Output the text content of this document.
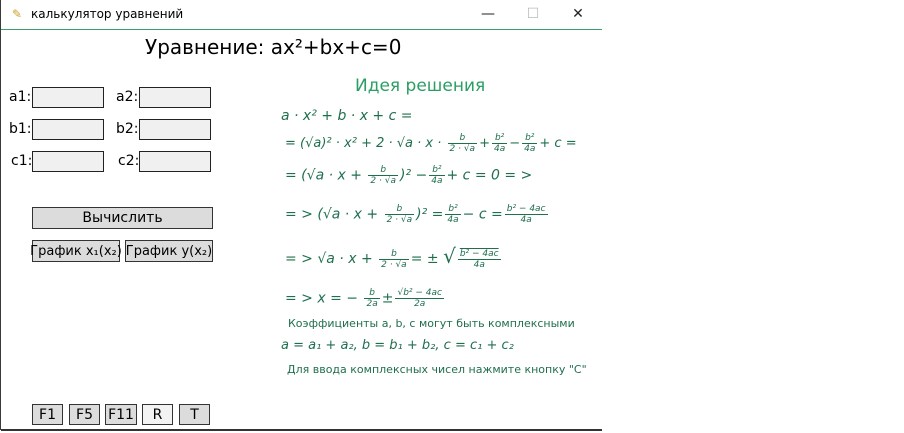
✎ калькулятор уравнений	—	☐	✕
Уравнение: ax²+bx+c=0
a1:	a2:
b1:	b2:
c1:	c2:
Вычислить
График x₁(x₂) График y(x₂)
F1	F5	F11	R	T
Идея решения
a · x² + b · x + c =
= $(√a)^2 \cdot x^2 + 2 \cdot √a \cdot x \cdot \frac{b}{2 \cdot √a} + \frac{\text{b²}}{4a} - \frac{\text{b²}}{4a} + c$ =
= $(√a \cdot x + \frac{b}{2 \cdot √a} )^2 - \frac{\text{b²}}{4a} + c = 0$ = >
= > $(√a \cdot x + \frac{b}{2 \cdot √a} )^2 = \frac{\text{b²}}{4a} - c = \frac{\text{b² − 4ac}}{4a}$
= > $√a \cdot x + \frac{b}{2 \cdot √a}$ = ± √ $\frac{\text{b² − 4ac}}{4a}$
= > x = − $\frac{b}{2a} \pm \frac{\text{√b² − 4ac}}{2a}$
Коэффициенты a, b, c могут быть комплексными
a = a₁ + a₂, b = b₁ + b₂, c = c₁ + c₂
Для ввода комплексных чисел нажмите кнопку "C"
